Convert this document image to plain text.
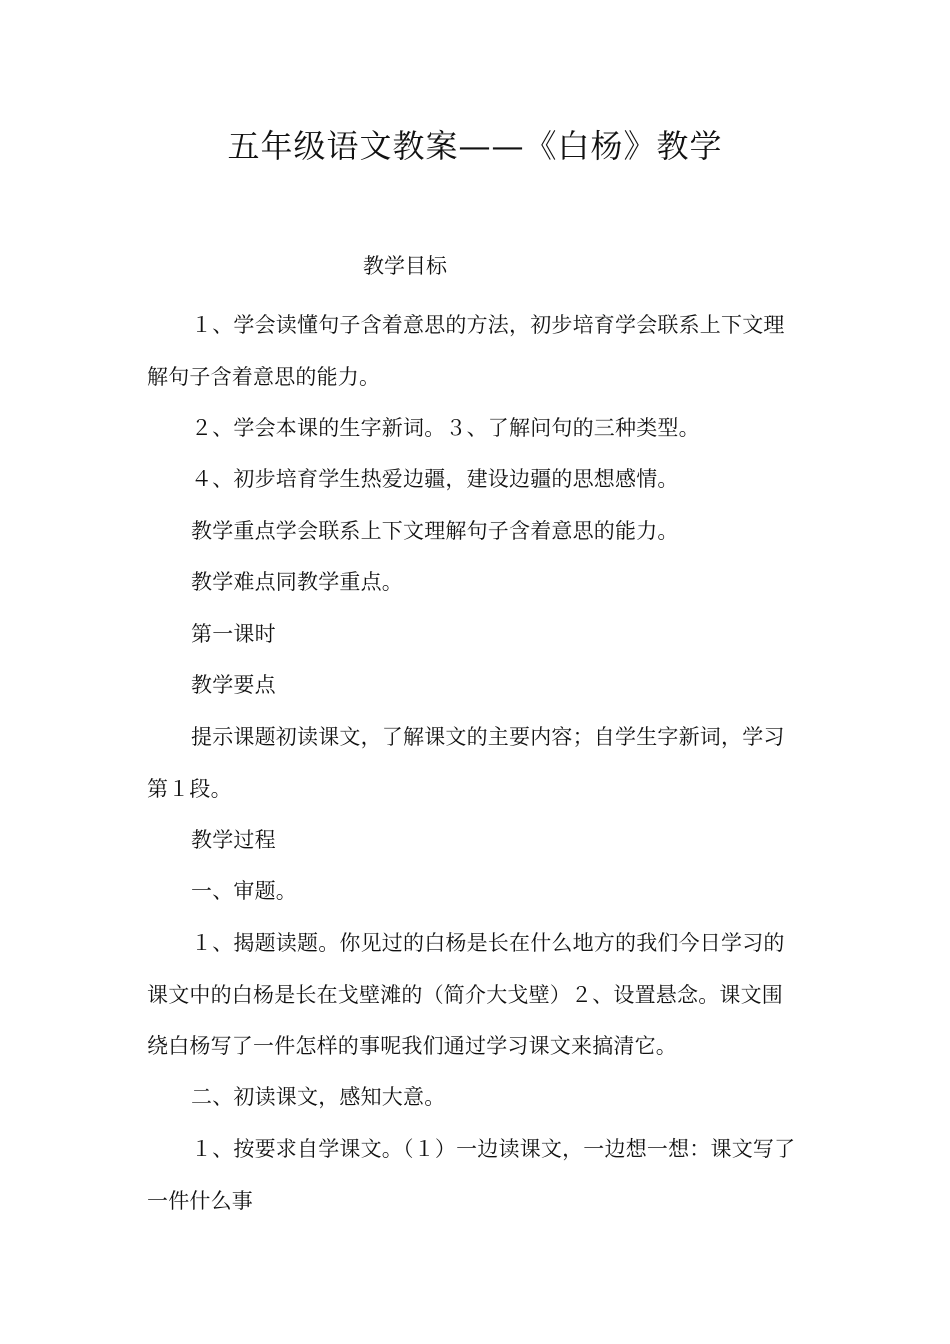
五年级语文教案——《白杨》教学
教学目标

１、学会读懂句子含着意思的方法，初步培育学会联系上下文理解句子含着意思的能力。

２、学会本课的生字新词。３、了解问句的三种类型。

４、初步培育学生热爱边疆，建设边疆的思想感情。

教学重点学会联系上下文理解句子含着意思的能力。

教学难点同教学重点。

第一课时

教学要点

提示课题初读课文，了解课文的主要内容；自学生字新词，学习第１段。

教学过程

一、审题。

１、揭题读题。你见过的白杨是长在什么地方的我们今日学习的课文中的白杨是长在戈壁滩的（简介大戈壁）２、设置悬念。课文围绕白杨写了一件怎样的事呢我们通过学习课文来搞清它。

二、初读课文，感知大意。

１、按要求自学课文。（１）一边读课文，一边想一想：课文写了一件什么事
